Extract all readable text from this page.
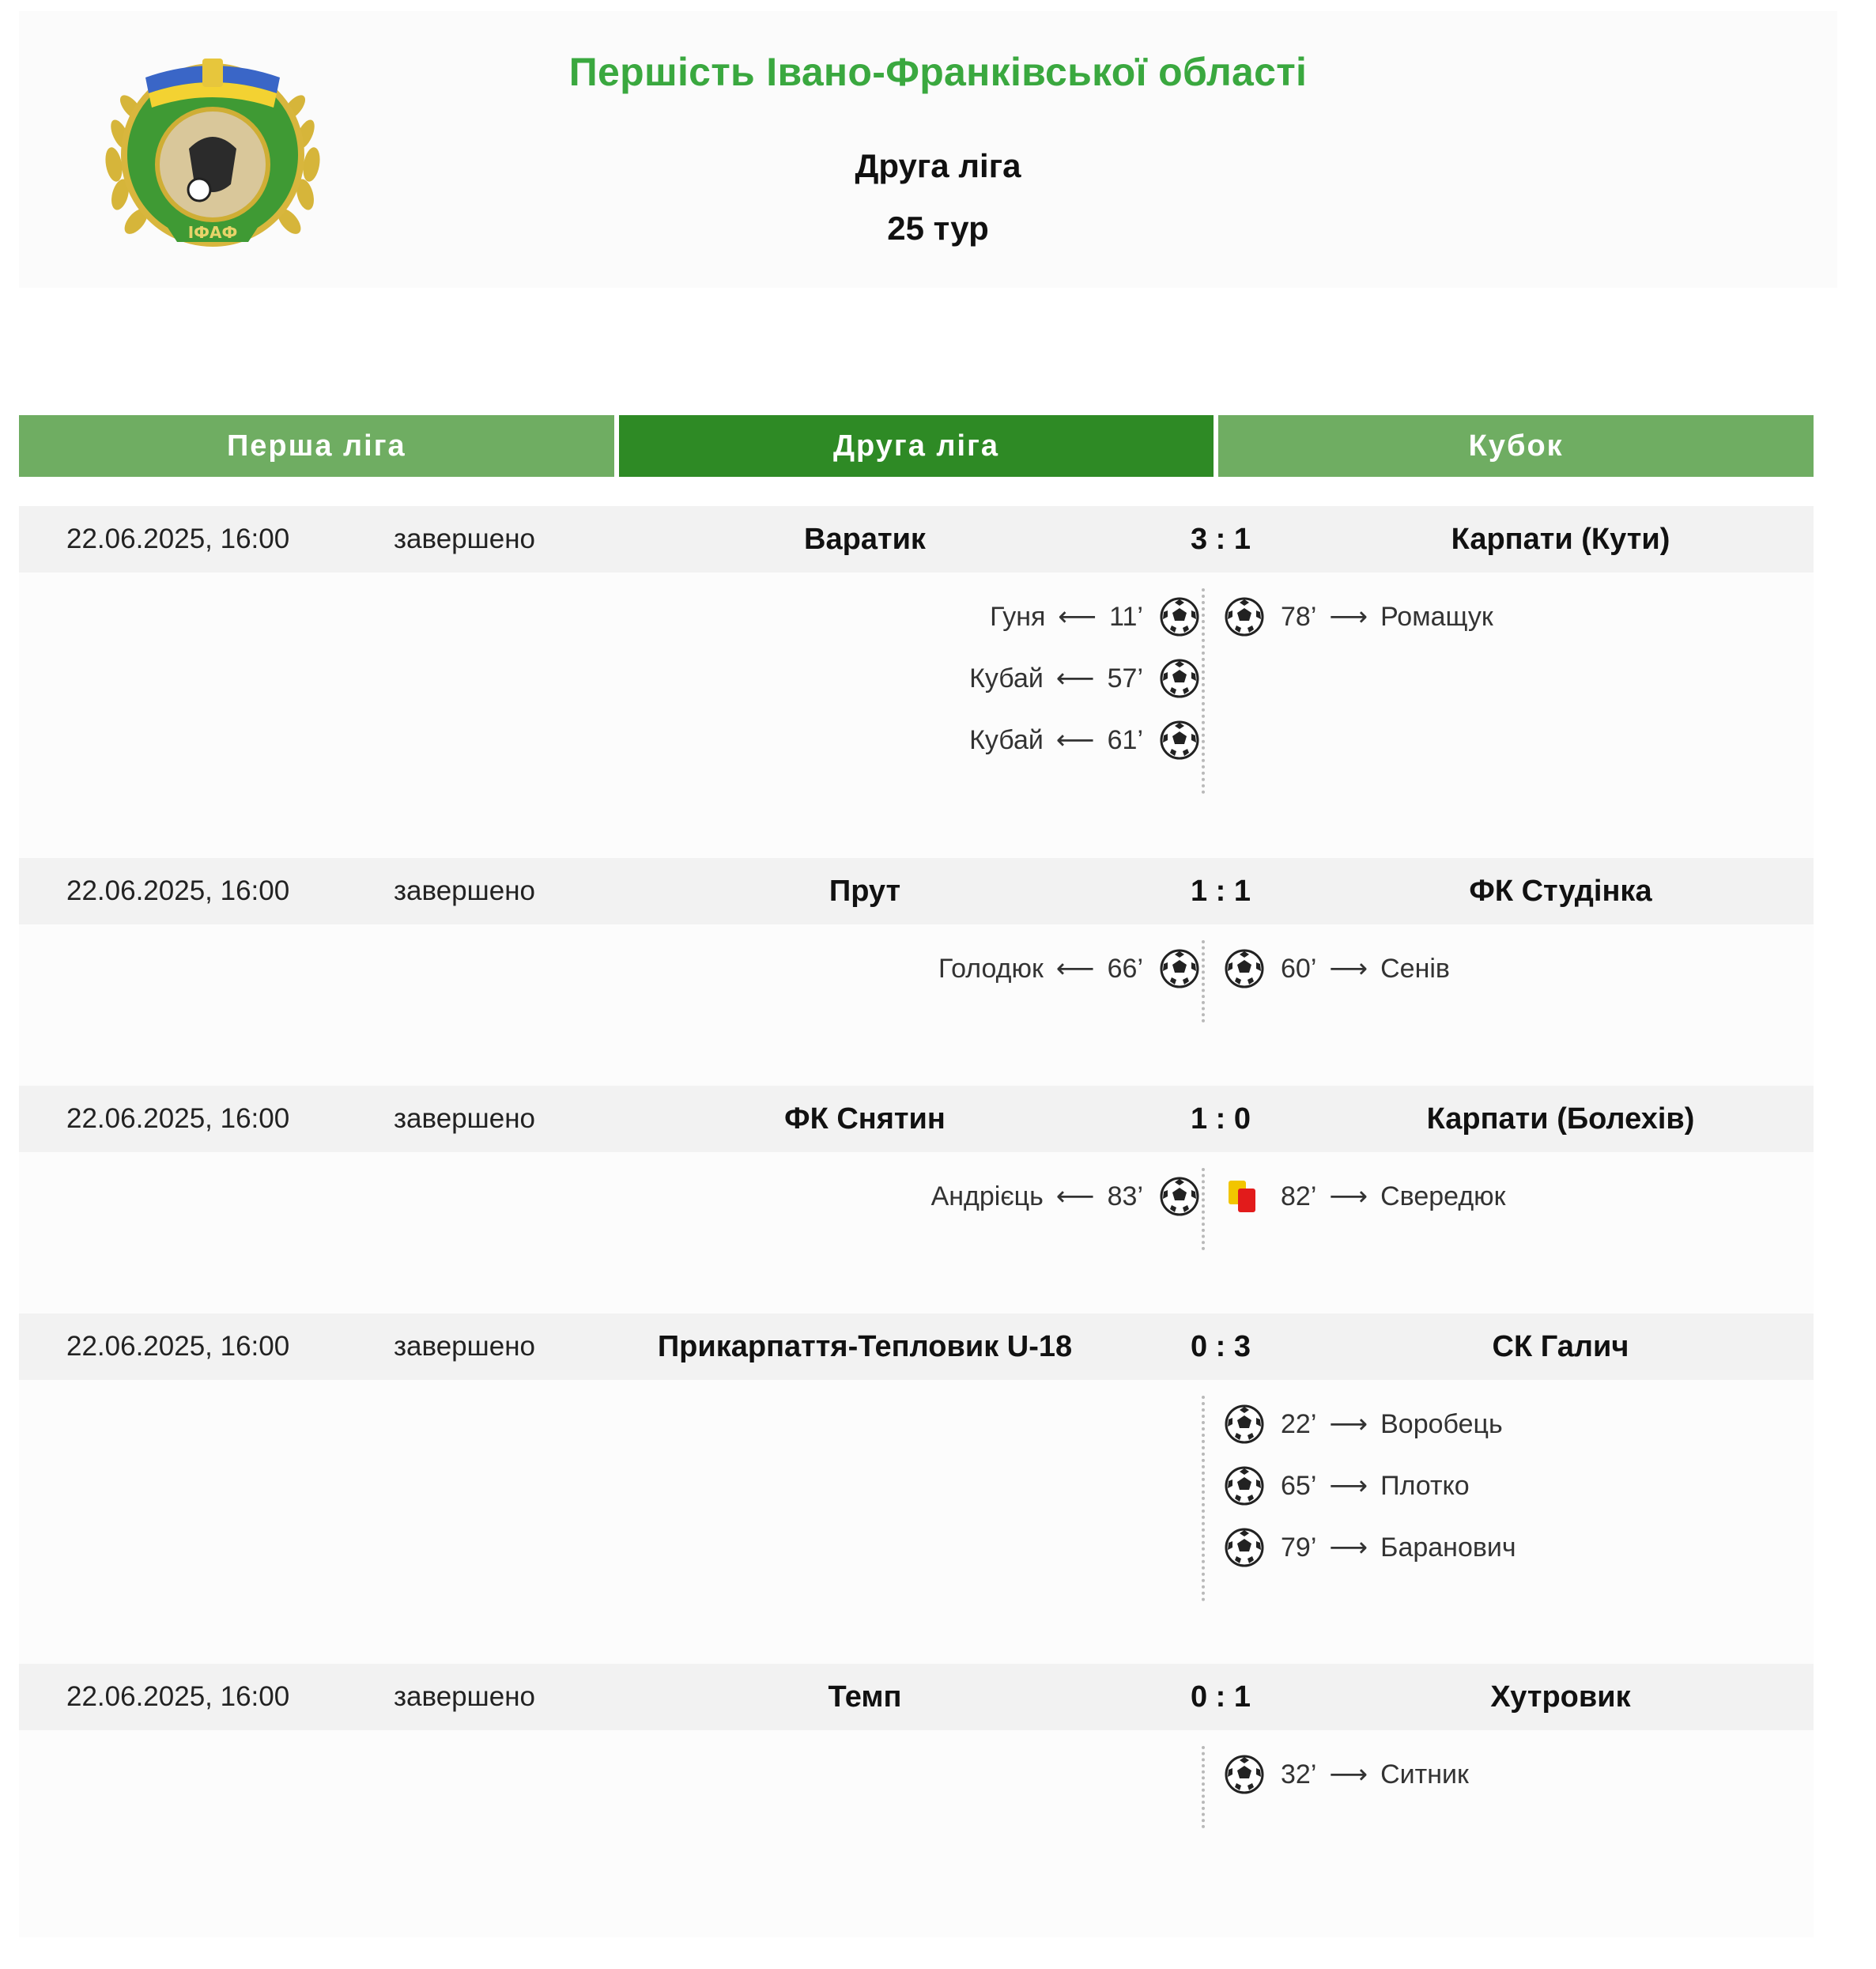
ІФАФ
Першість Івано-Франківської області
Друга ліга
25 тур
Перша ліга	Друга ліга	Кубок
22.06.2025, 16:00	завершено	Варатик	3 : 1	Карпати (Кути)
Гуня ⟵ 11’
Кубай ⟵ 57’
Кубай ⟵ 61’
78’ ⟶ Ромащук
22.06.2025, 16:00	завершено	Прут	1 : 1	ФК Студінка
Голодюк ⟵ 66’	60’ ⟶ Сенів
22.06.2025, 16:00	завершено	ФК Снятин	1 : 0	Карпати (Болехів)
Андрієць ⟵ 83’	82’ ⟶ Свередюк
22.06.2025, 16:00	завершено	Прикарпаття-Тепловик U-18	0 : 3	СК Галич
22’ ⟶ Воробець
65’ ⟶ Плотко
79’ ⟶ Баранович
22.06.2025, 16:00	завершено	Темп	0 : 1	Хутровик
32’ ⟶ Ситник
